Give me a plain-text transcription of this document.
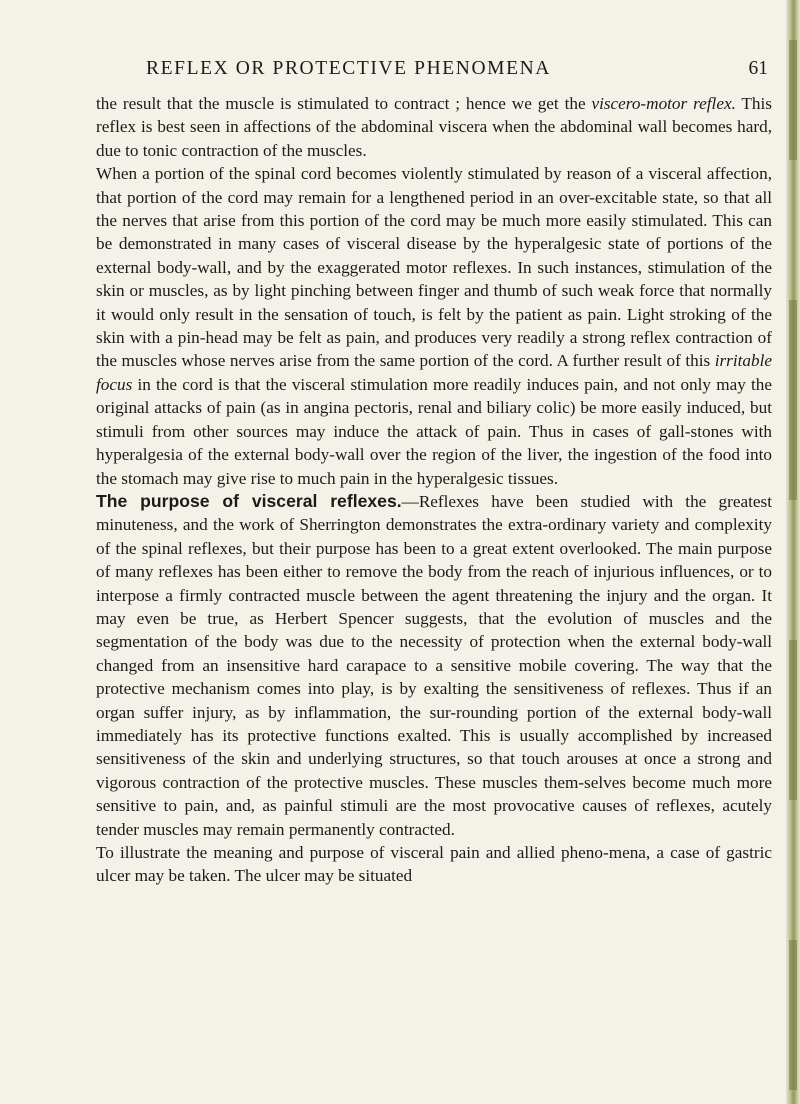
REFLEX OR PROTECTIVE PHENOMENA	61

the result that the muscle is stimulated to contract ; hence we get the viscero-motor reflex. This reflex is best seen in affections of the abdominal viscera when the abdominal wall becomes hard, due to tonic contraction of the muscles.

When a portion of the spinal cord becomes violently stimulated by reason of a visceral affection, that portion of the cord may remain for a lengthened period in an over-excitable state, so that all the nerves that arise from this portion of the cord may be much more easily stimulated. This can be demonstrated in many cases of visceral disease by the hyperalgesic state of portions of the external body-wall, and by the exaggerated motor reflexes. In such instances, stimulation of the skin or muscles, as by light pinching between finger and thumb of such weak force that normally it would only result in the sensation of touch, is felt by the patient as pain. Light stroking of the skin with a pin-head may be felt as pain, and produces very readily a strong reflex contraction of the muscles whose nerves arise from the same portion of the cord. A further result of this irritable focus in the cord is that the visceral stimulation more readily induces pain, and not only may the original attacks of pain (as in angina pectoris, renal and biliary colic) be more easily induced, but stimuli from other sources may induce the attack of pain. Thus in cases of gall-stones with hyperalgesia of the external body-wall over the region of the liver, the ingestion of the food into the stomach may give rise to much pain in the hyperalgesic tissues.

The purpose of visceral reflexes.—Reflexes have been studied with the greatest minuteness, and the work of Sherrington demonstrates the extra-ordinary variety and complexity of the spinal reflexes, but their purpose has been to a great extent overlooked. The main purpose of many reflexes has been either to remove the body from the reach of injurious influences, or to interpose a firmly contracted muscle between the agent threatening the injury and the organ. It may even be true, as Herbert Spencer suggests, that the evolution of muscles and the segmentation of the body was due to the necessity of protection when the external body-wall changed from an insensitive hard carapace to a sensitive mobile covering. The way that the protective mechanism comes into play, is by exalting the sensitiveness of reflexes. Thus if an organ suffer injury, as by inflammation, the sur-rounding portion of the external body-wall immediately has its protective functions exalted. This is usually accomplished by increased sensitiveness of the skin and underlying structures, so that touch arouses at once a strong and vigorous contraction of the protective muscles. These muscles them-selves become much more sensitive to pain, and, as painful stimuli are the most provocative causes of reflexes, acutely tender muscles may remain permanently contracted.

To illustrate the meaning and purpose of visceral pain and allied pheno-mena, a case of gastric ulcer may be taken. The ulcer may be situated
